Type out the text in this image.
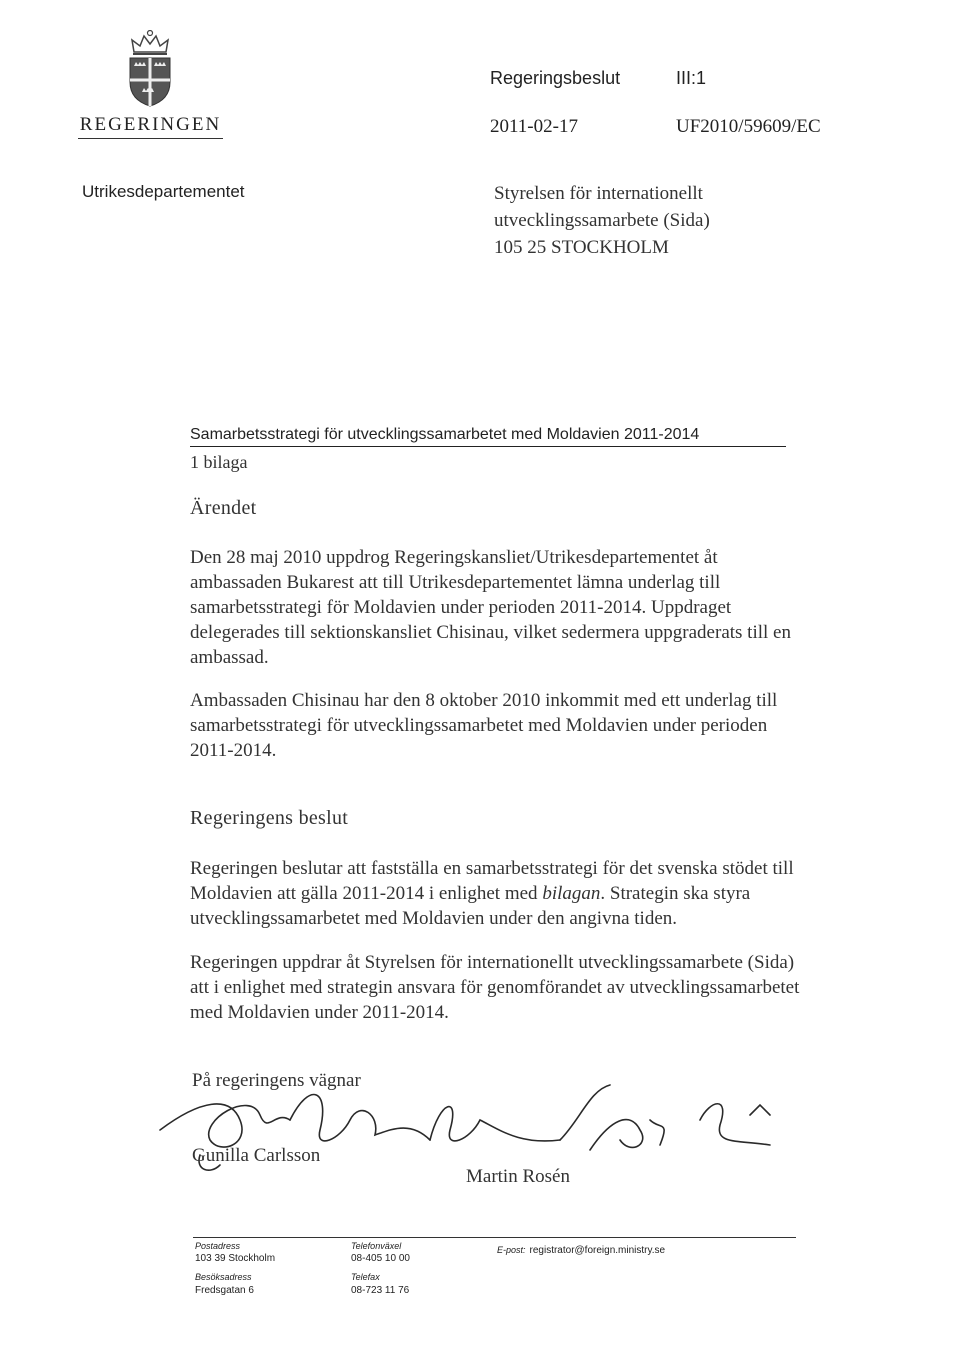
REGERINGEN
Regeringsbeslut	III:1
2011-02-17	UF2010/59609/EC
Utrikesdepartementet	Styrelsen för internationellt
utvecklingssamarbete (Sida)
105 25 STOCKHOLM
Samarbetsstrategi för utvecklingssamarbetet med Moldavien 2011-2014
1 bilaga
Ärendet
Den 28 maj 2010 uppdrog Regeringskansliet/Utrikesdepartementet åt ambassaden Bukarest att till Utrikesdepartementet lämna underlag till samarbetsstrategi för Moldavien under perioden 2011-2014. Uppdraget delegerades till sektionskansliet Chisinau, vilket sedermera uppgraderats till en ambassad.
Ambassaden Chisinau har den 8 oktober 2010 inkommit med ett underlag till samarbetsstrategi för utvecklingssamarbetet med Moldavien under perioden 2011-2014.
Regeringens beslut
Regeringen beslutar att fastställa en samarbetsstrategi för det svenska stödet till Moldavien att gälla 2011-2014 i enlighet med bilagan. Strategin ska styra utvecklingssamarbetet med Moldavien under den angivna tiden.
Regeringen uppdrar åt Styrelsen för internationellt utvecklingssamarbete (Sida) att i enlighet med strategin ansvara för genomförandet av utvecklingssamarbetet med Moldavien under 2011-2014.
På regeringens vägnar
Gunilla Carlsson
Martin Rosén
Postadress
103 39 Stockholm
Besöksadress
Fredsgatan 6
Telefonväxel
08-405 10 00
Telefax
08-723 11 76
E-post: registrator@foreign.ministry.se
